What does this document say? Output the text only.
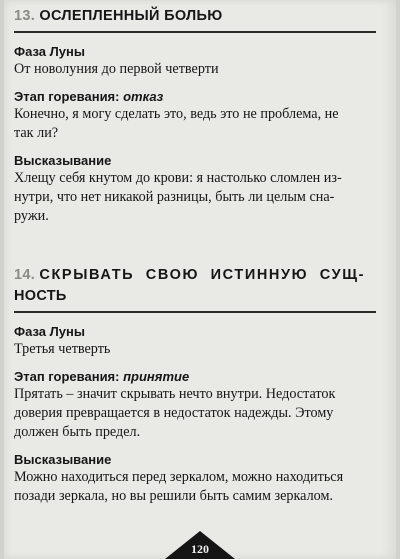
13. ОСЛЕПЛЕННЫЙ БОЛЬЮ

Фаза Луны

От новолуния до первой четверти

Этап горевания: отказ

Конечно, я могу сделать это, ведь это не проблема, не

так ли?

Высказывание

Хлещу себя кнутом до крови: я настолько сломлен из-

нутри, что нет никакой разницы, быть ли целым сна-

ружи.

14. СКРЫВАТЬ СВОЮ ИСТИННУЮ СУЩ-

НОСТЬ

Фаза Луны

Третья четверть

Этап горевания: принятие

Прятать – значит скрывать нечто внутри. Недостаток

доверия превращается в недостаток надежды. Этому

должен быть предел.

Высказывание

Можно находиться перед зеркалом, можно находиться

позади зеркала, но вы решили быть самим зеркалом.

120
